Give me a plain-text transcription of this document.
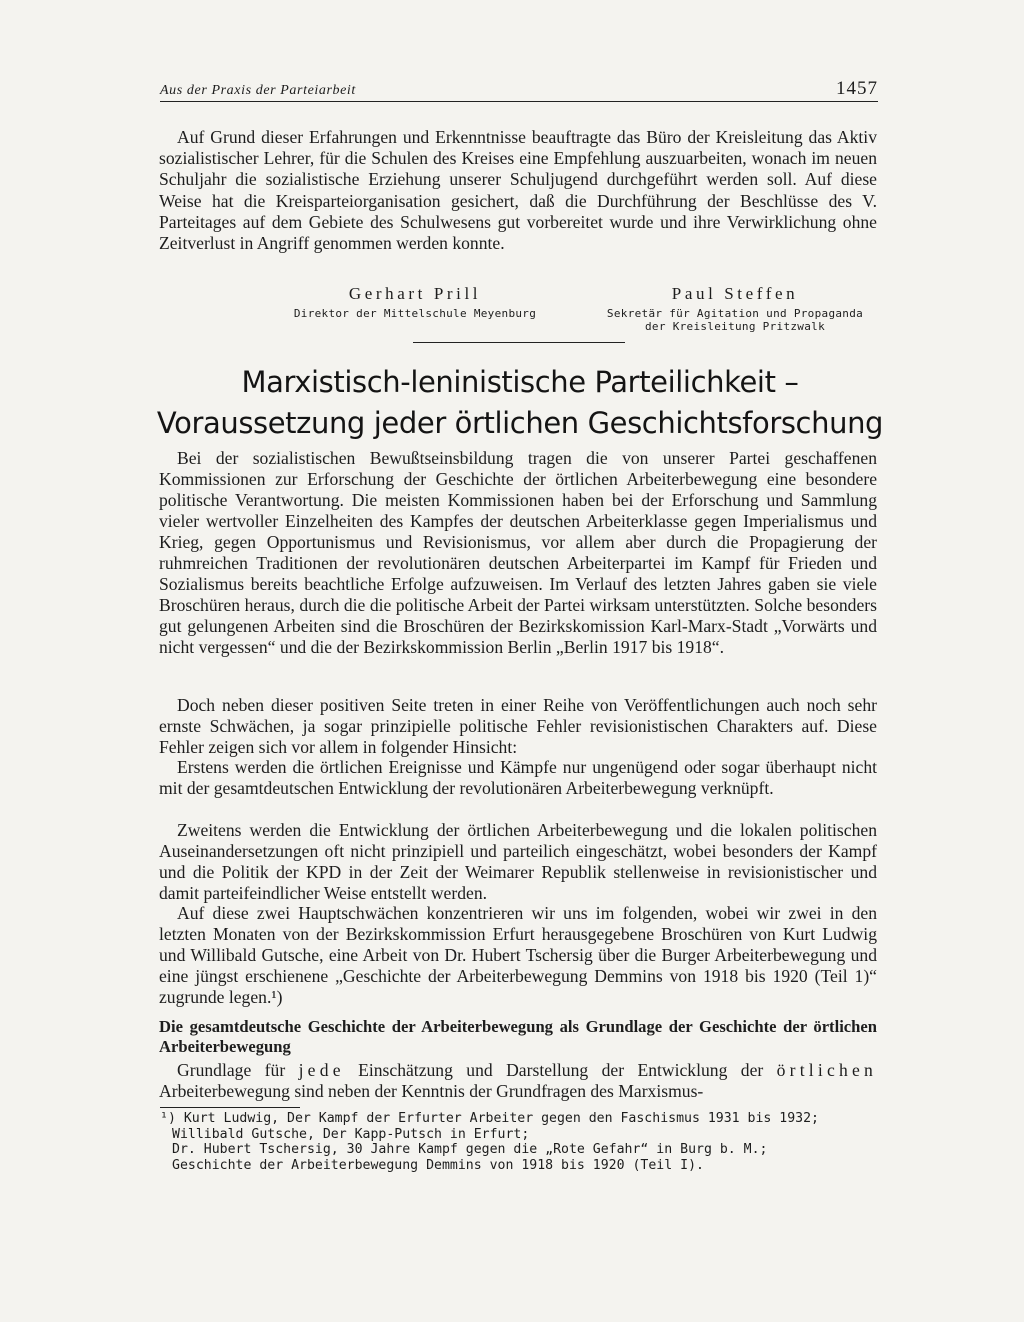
Aus der Praxis der Parteiarbeit	1457

Auf Grund dieser Erfahrungen und Erkenntnisse beauftragte das Büro der Kreisleitung das Aktiv sozialistischer Lehrer, für die Schulen des Kreises eine Empfehlung auszuarbeiten, wonach im neuen Schuljahr die sozialistische Erziehung unserer Schuljugend durchgeführt werden soll. Auf diese Weise hat die Kreisparteiorganisation gesichert, daß die Durchführung der Beschlüsse des V. Parteitages auf dem Gebiete des Schulwesens gut vorbereitet wurde und ihre Verwirklichung ohne Zeitverlust in Angriff genommen werden konnte.

Gerhart Prill
Direktor der Mittelschule Meyenburg
Paul Steffen
Sekretär für Agitation und Propaganda
der Kreisleitung Pritzwalk
Marxistisch-leninistische Parteilichkeit –
Voraussetzung jeder örtlichen Geschichtsforschung

Bei der sozialistischen Bewußtseinsbildung tragen die von unserer Partei geschaffenen Kommissionen zur Erforschung der Geschichte der örtlichen Arbeiterbewegung eine besondere politische Verantwortung. Die meisten Kommissionen haben bei der Erforschung und Sammlung vieler wertvoller Einzelheiten des Kampfes der deutschen Arbeiterklasse gegen Imperialismus und Krieg, gegen Opportunismus und Revisionismus, vor allem aber durch die Propagierung der ruhmreichen Traditionen der revolutionären deutschen Arbeiterpartei im Kampf für Frieden und Sozialismus bereits beachtliche Erfolge aufzuweisen. Im Verlauf des letzten Jahres gaben sie viele Broschüren heraus, durch die die politische Arbeit der Partei wirksam unterstützten. Solche besonders gut gelungenen Arbeiten sind die Broschüren der Bezirkskomission Karl-Marx-Stadt „Vorwärts und nicht vergessen“ und die der Bezirkskommission Berlin „Berlin 1917 bis 1918“.

Doch neben dieser positiven Seite treten in einer Reihe von Veröffentlichungen auch noch sehr ernste Schwächen, ja sogar prinzipielle politische Fehler revisionistischen Charakters auf. Diese Fehler zeigen sich vor allem in folgender Hinsicht:

Erstens werden die örtlichen Ereignisse und Kämpfe nur ungenügend oder sogar überhaupt nicht mit der gesamtdeutschen Entwicklung der revolutionären Arbeiterbewegung verknüpft.

Zweitens werden die Entwicklung der örtlichen Arbeiterbewegung und die lokalen politischen Auseinandersetzungen oft nicht prinzipiell und parteilich eingeschätzt, wobei besonders der Kampf und die Politik der KPD in der Zeit der Weimarer Republik stellenweise in revisionistischer und damit parteifeindlicher Weise entstellt werden.

Auf diese zwei Hauptschwächen konzentrieren wir uns im folgenden, wobei wir zwei in den letzten Monaten von der Bezirkskommission Erfurt herausgegebene Broschüren von Kurt Ludwig und Willibald Gutsche, eine Arbeit von Dr. Hubert Tschersig über die Burger Arbeiterbewegung und eine jüngst erschienene „Geschichte der Arbeiterbewegung Demmins von 1918 bis 1920 (Teil 1)“ zugrunde legen.¹)

Die gesamtdeutsche Geschichte der Arbeiterbewegung als Grundlage der Geschichte der örtlichen Arbeiterbewegung

Grundlage für jede Einschätzung und Darstellung der Entwicklung der örtlichen Arbeiterbewegung sind neben der Kenntnis der Grundfragen des Marxismus-

¹) Kurt Ludwig, Der Kampf der Erfurter Arbeiter gegen den Faschismus 1931 bis 1932;
Willibald Gutsche, Der Kapp-Putsch in Erfurt;
Dr. Hubert Tschersig, 30 Jahre Kampf gegen die „Rote Gefahr“ in Burg b. M.;
Geschichte der Arbeiterbewegung Demmins von 1918 bis 1920 (Teil I).
